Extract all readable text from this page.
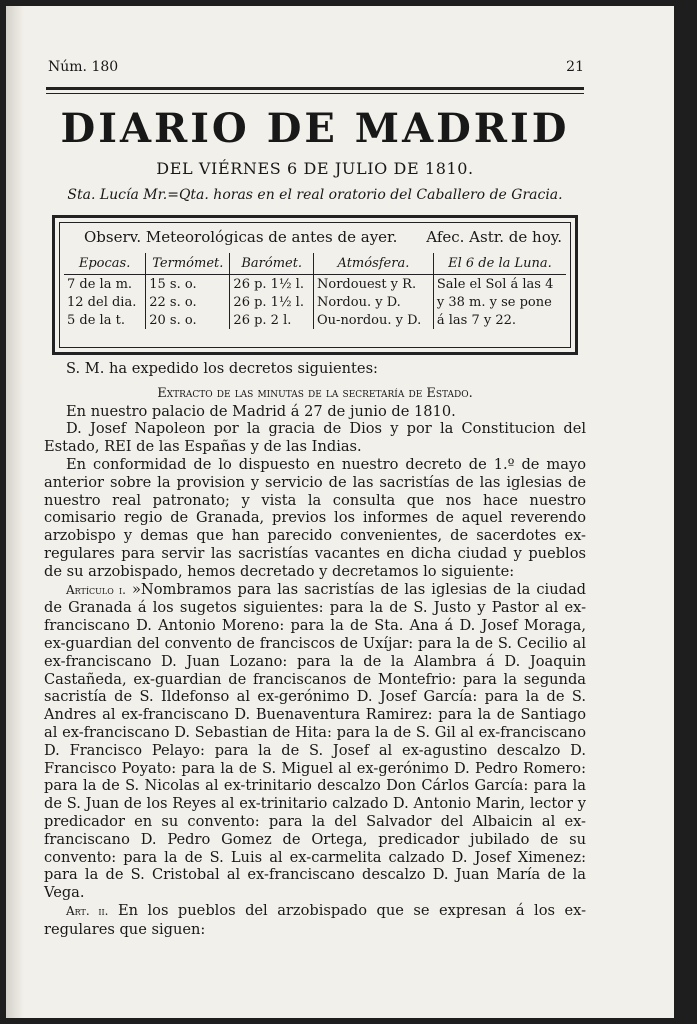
Núm. 180	21
DIARIO DE MADRID
DEL VIÉRNES 6 DE JULIO DE 1810.
Sta. Lucía Mr.=Qta. horas en el real oratorio del Caballero de Gracia.
Observ. Meteorológicas de antes de ayer. Afec. Astr. de hoy.
Epocas.	Termómet.	Barómet.	Atmósfera.	El 6 de la Luna.
7 de la m.	15 s. o.	26 p. 1½ l.	Nordouest y R.	Sale el Sol á las 4
12 del dia.	22 s. o.	26 p. 1½ l.	Nordou. y D.	y 38 m. y se pone
5 de la t.	20 s. o.	26 p. 2 l.	Ou-nordou. y D.	á las 7 y 22.

S. M. ha expedido los decretos siguientes:

Extracto de las minutas de la secretaría de Estado.

En nuestro palacio de Madrid á 27 de junio de 1810.

D. Josef Napoleon por la gracia de Dios y por la Constitucion del Estado, REI de las Españas y de las Indias.

En conformidad de lo dispuesto en nuestro decreto de 1.º de mayo anterior sobre la provision y servicio de las sacristías de las iglesias de nuestro real patronato; y vista la consulta que nos hace nuestro comisario regio de Granada, previos los informes de aquel reverendo arzobispo y demas que han parecido convenientes, de sacerdotes ex-regulares para servir las sacristías vacantes en dicha ciudad y pueblos de su arzobispado, hemos decretado y decretamos lo siguiente:

Artículo i. »Nombramos para las sacristías de las iglesias de la ciudad de Granada á los sugetos siguientes: para la de S. Justo y Pastor al ex-franciscano D. Antonio Moreno: para la de Sta. Ana á D. Josef Moraga, ex-guardian del convento de franciscos de Uxíjar: para la de S. Cecilio al ex-franciscano D. Juan Lozano: para la de la Alambra á D. Joaquin Castañeda, ex-guardian de franciscanos de Montefrio: para la segunda sacristía de S. Ildefonso al ex-gerónimo D. Josef García: para la de S. Andres al ex-franciscano D. Buenaventura Ramirez: para la de Santiago al ex-franciscano D. Sebastian de Hita: para la de S. Gil al ex-franciscano D. Francisco Pelayo: para la de S. Josef al ex-agustino descalzo D. Francisco Poyato: para la de S. Miguel al ex-gerónimo D. Pedro Romero: para la de S. Nicolas al ex-trinitario descalzo Don Cárlos García: para la de S. Juan de los Reyes al ex-trinitario calzado D. Antonio Marin, lector y predicador en su convento: para la del Salvador del Albaicin al ex-franciscano D. Pedro Gomez de Ortega, predicador jubilado de su convento: para la de S. Luis al ex-carmelita calzado D. Josef Ximenez: para la de S. Cristobal al ex-franciscano descalzo D. Juan María de la Vega.

Art. ii. En los pueblos del arzobispado que se expresan á los ex-regulares que siguen:
